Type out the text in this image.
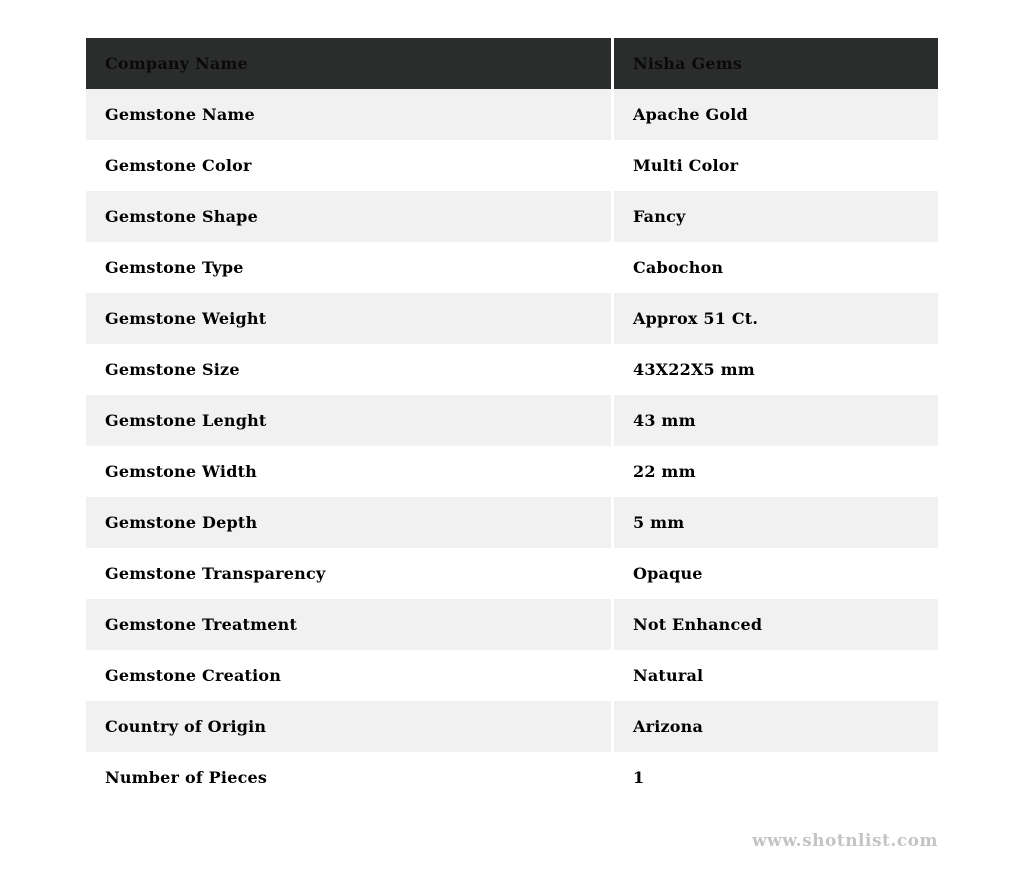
Company Name	Nisha Gems
Gemstone Name	Apache Gold
Gemstone Color	Multi Color
Gemstone Shape	Fancy
Gemstone Type	Cabochon
Gemstone Weight	Approx 51 Ct.
Gemstone Size	43X22X5 mm
Gemstone Lenght	43 mm
Gemstone Width	22 mm
Gemstone Depth	5 mm
Gemstone Transparency	Opaque
Gemstone Treatment	Not Enhanced
Gemstone Creation	Natural
Country of Origin	Arizona
Number of Pieces	1
www.shotnlist.com
